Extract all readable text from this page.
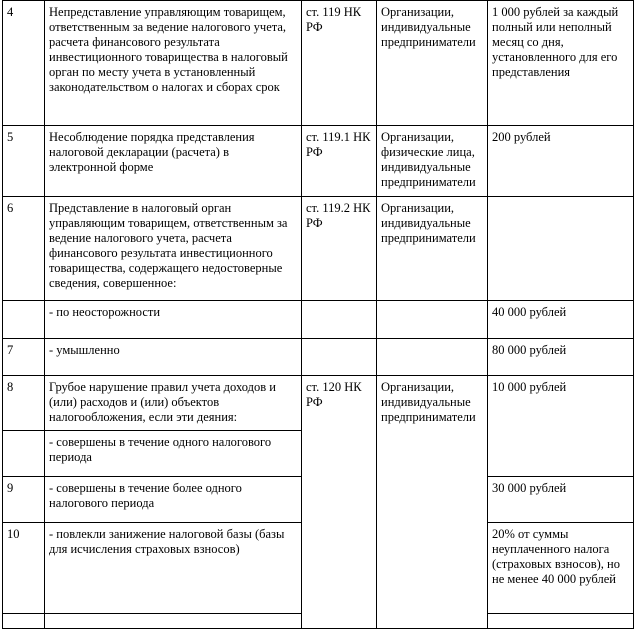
4	Непредставление управляющим товарищем, ответственным за ведение налогового учета, расчета финансового результата инвестиционного товарищества в налоговый орган по месту учета в установленный законодательством о налогах и сборах срок	ст. 119 НК РФ	Организации, индивидуальные предприниматели	1 000 рублей за каждый полный или неполный месяц со дня, установленного для его представления
5	Несоблюдение порядка представления налоговой декларации (расчета) в электронной форме	ст. 119.1 НК РФ	Организации, физические лица, индивидуальные предприниматели	200 рублей
6	Представление в налоговый орган управляющим товарищем, ответственным за ведение налогового учета, расчета финансового результата инвестиционного товарищества, содержащего недостоверные сведения, совершенное:	ст. 119.2 НК РФ	Организации, индивидуальные предприниматели	
	- по неосторожности			40 000 рублей
7	- умышленно			80 000 рублей
8	Грубое нарушение правил учета доходов и (или) расходов и (или) объектов налогообложения, если эти деяния:	ст. 120 НК РФ	Организации, индивидуальные предприниматели	10 000 рублей
	- совершены в течение одного налогового периода			
9	- совершены в течение более одного налогового периода			30 000 рублей
10	- повлекли занижение налоговой базы (базы для исчисления страховых взносов)			20% от суммы неуплаченного налога (страховых взносов), но не менее 40 000 рублей
